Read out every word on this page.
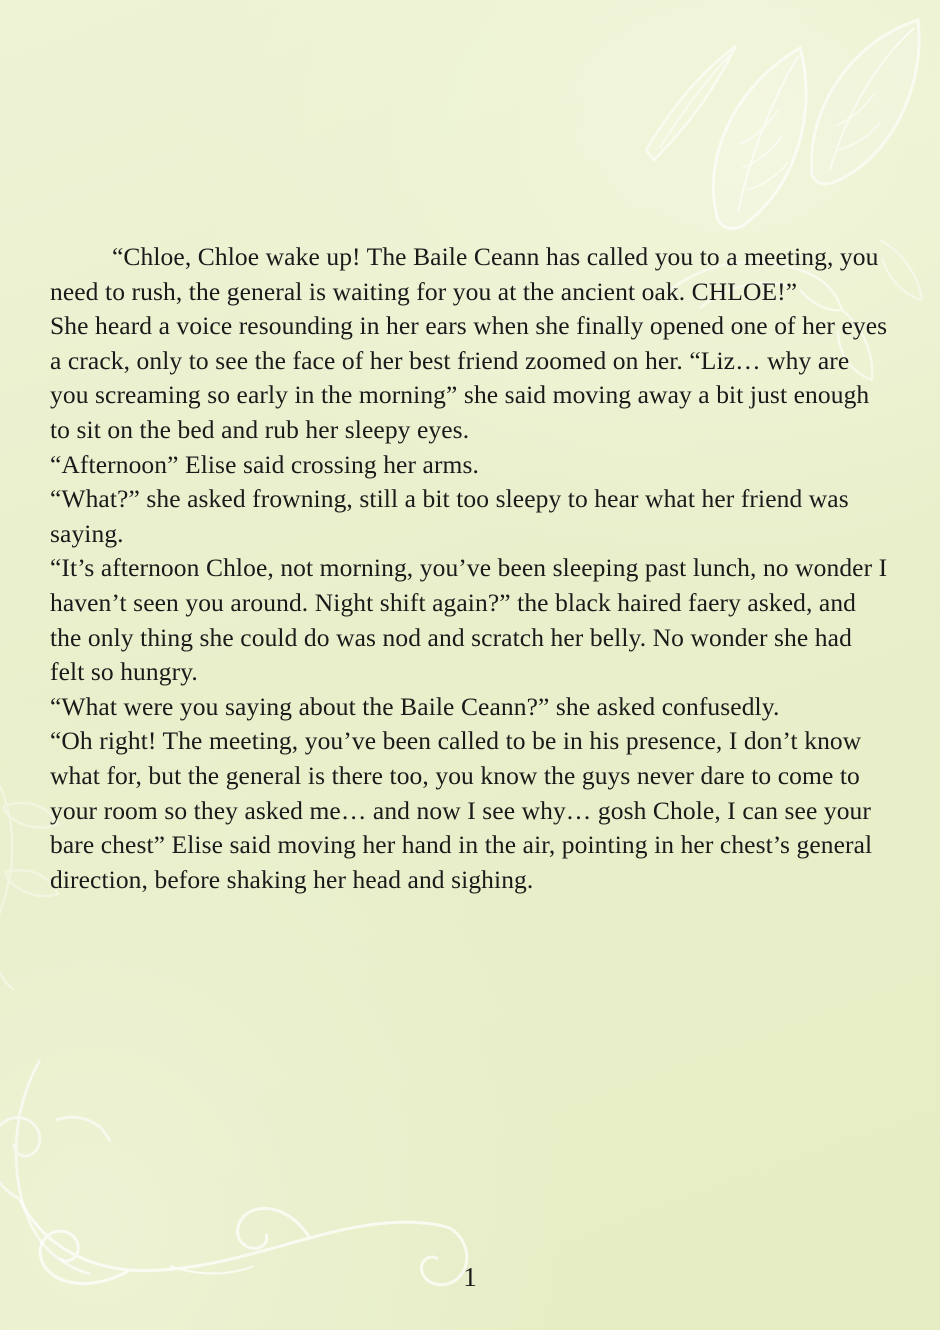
“Chloe, Chloe wake up! The Baile Ceann has called you to a meeting, you need to rush, the general is waiting for you at the ancient oak. CHLOE!”

She heard a voice resounding in her ears when she finally opened one of her eyes a crack, only to see the face of her best friend zoomed on her. “Liz… why are you screaming so early in the morning” she said moving away a bit just enough to sit on the bed and rub her sleepy eyes.

“Afternoon” Elise said crossing her arms.

“What?” she asked frowning, still a bit too sleepy to hear what her friend was saying.

“It’s afternoon Chloe, not morning, you’ve been sleeping past lunch, no wonder I haven’t seen you around. Night shift again?” the black haired faery asked, and the only thing she could do was nod and scratch her belly. No wonder she had felt so hungry.

“What were you saying about the Baile Ceann?” she asked confusedly.

“Oh right! The meeting, you’ve been called to be in his presence, I don’t know what for, but the general is there too, you know the guys never dare to come to your room so they asked me… and now I see why… gosh Chole, I can see your bare chest” Elise said moving her hand in the air, pointing in her chest’s general direction, before shaking her head and sighing.

1
